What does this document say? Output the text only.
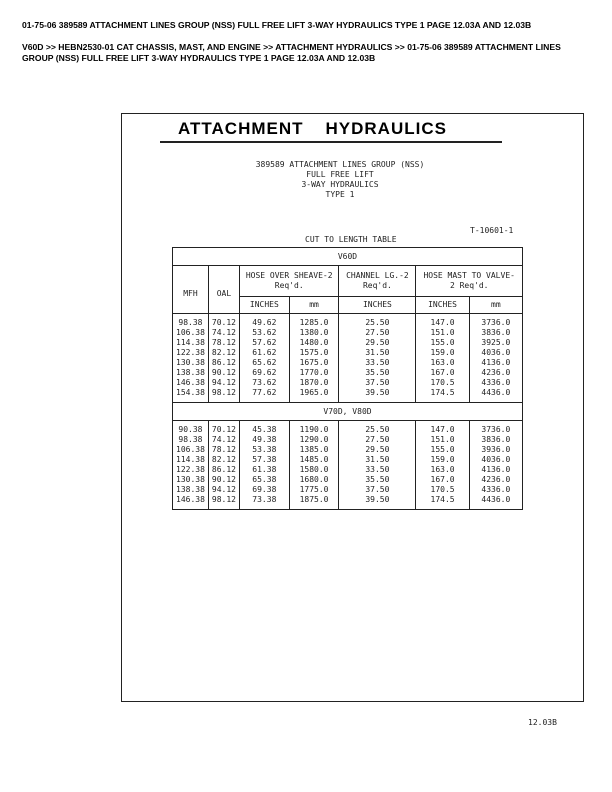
01-75-06 389589 ATTACHMENT LINES GROUP (NSS) FULL FREE LIFT 3-WAY HYDRAULICS TYPE 1 PAGE 12.03A AND 12.03B
V60D >> HEBN2530-01 CAT CHASSIS, MAST, AND ENGINE >> ATTACHMENT HYDRAULICS >> 01-75-06 389589 ATTACHMENT LINES GROUP (NSS) FULL FREE LIFT 3-WAY HYDRAULICS TYPE 1 PAGE 12.03A AND 12.03B
ATTACHMENT HYDRAULICS
389589 ATTACHMENT LINES GROUP (NSS)
FULL FREE LIFT
3-WAY HYDRAULICS
TYPE 1
T-10601-1
CUT TO LENGTH TABLE
V60D						
MFH	OAL	HOSE OVER SHEAVE-2 Req'd.		CHANNEL LG.-2 Req'd.	HOSE MAST TO VALVE- 2 Req'd.	
		INCHES	mm	INCHES	INCHES	mm

98.38	70.12	49.62	1285.0	25.50	147.0	3736.0
106.38	74.12	53.62	1380.0	27.50	151.0	3836.0
114.38	78.12	57.62	1480.0	29.50	155.0	3925.0
122.38	82.12	61.62	1575.0	31.50	159.0	4036.0
130.38	86.12	65.62	1675.0	33.50	163.0	4136.0
138.38	90.12	69.62	1770.0	35.50	167.0	4236.0
146.38	94.12	73.62	1870.0	37.50	170.5	4336.0
154.38	98.12	77.62	1965.0	39.50	174.5	4436.0
V70D, V80D						

90.38	70.12	45.38	1190.0	25.50	147.0	3736.0
98.38	74.12	49.38	1290.0	27.50	151.0	3836.0
106.38	78.12	53.38	1385.0	29.50	155.0	3936.0
114.38	82.12	57.38	1485.0	31.50	159.0	4036.0
122.38	86.12	61.38	1580.0	33.50	163.0	4136.0
130.38	90.12	65.38	1680.0	35.50	167.0	4236.0
138.38	94.12	69.38	1775.0	37.50	170.5	4336.0
146.38	98.12	73.38	1875.0	39.50	174.5	4436.0
12.03B
